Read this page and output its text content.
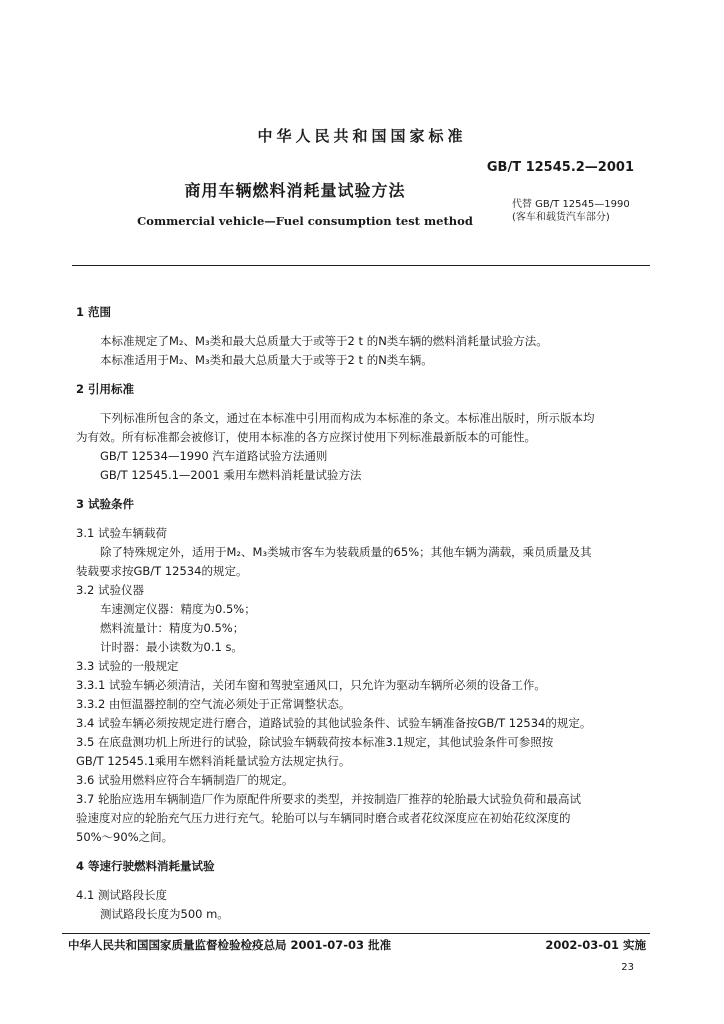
中华人民共和国国家标准
GB/T 12545.2—2001
商用车辆燃料消耗量试验方法
代替 GB/T 12545—1990
(客车和载货汽车部分)
Commercial vehicle—Fuel consumption test method
1 范围
本标准规定了M₂、M₃类和最大总质量大于或等于2 t 的N类车辆的燃料消耗量试验方法。
本标准适用于M₂、M₃类和最大总质量大于或等于2 t 的N类车辆。
2 引用标准
下列标准所包含的条文，通过在本标准中引用而构成为本标准的条文。本标准出版时，所示版本均
为有效。所有标准都会被修订，使用本标准的各方应探讨使用下列标准最新版本的可能性。
GB/T 12534—1990 汽车道路试验方法通则
GB/T 12545.1—2001 乘用车燃料消耗量试验方法
3 试验条件
3.1 试验车辆载荷
除了特殊规定外，适用于M₂、M₃类城市客车为装载质量的65%；其他车辆为满载，乘员质量及其
装载要求按GB/T 12534的规定。
3.2 试验仪器
车速测定仪器：精度为0.5%；
燃料流量计：精度为0.5%；
计时器：最小读数为0.1 s。
3.3 试验的一般规定
3.3.1 试验车辆必须清洁，关闭车窗和驾驶室通风口，只允许为驱动车辆所必须的设备工作。
3.3.2 由恒温器控制的空气流必须处于正常调整状态。
3.4 试验车辆必须按规定进行磨合，道路试验的其他试验条件、试验车辆准备按GB/T 12534的规定。
3.5 在底盘测功机上所进行的试验，除试验车辆载荷按本标准3.1规定，其他试验条件可参照按
GB/T 12545.1乘用车燃料消耗量试验方法规定执行。
3.6 试验用燃料应符合车辆制造厂的规定。
3.7 轮胎应选用车辆制造厂作为原配件所要求的类型，并按制造厂推荐的轮胎最大试验负荷和最高试
验速度对应的轮胎充气压力进行充气。轮胎可以与车辆同时磨合或者花纹深度应在初始花纹深度的
50%～90%之间。
4 等速行驶燃料消耗量试验
4.1 测试路段长度
测试路段长度为500 m。
中华人民共和国国家质量监督检验检疫总局 2001-07-03 批准	2002-03-01 实施
23
